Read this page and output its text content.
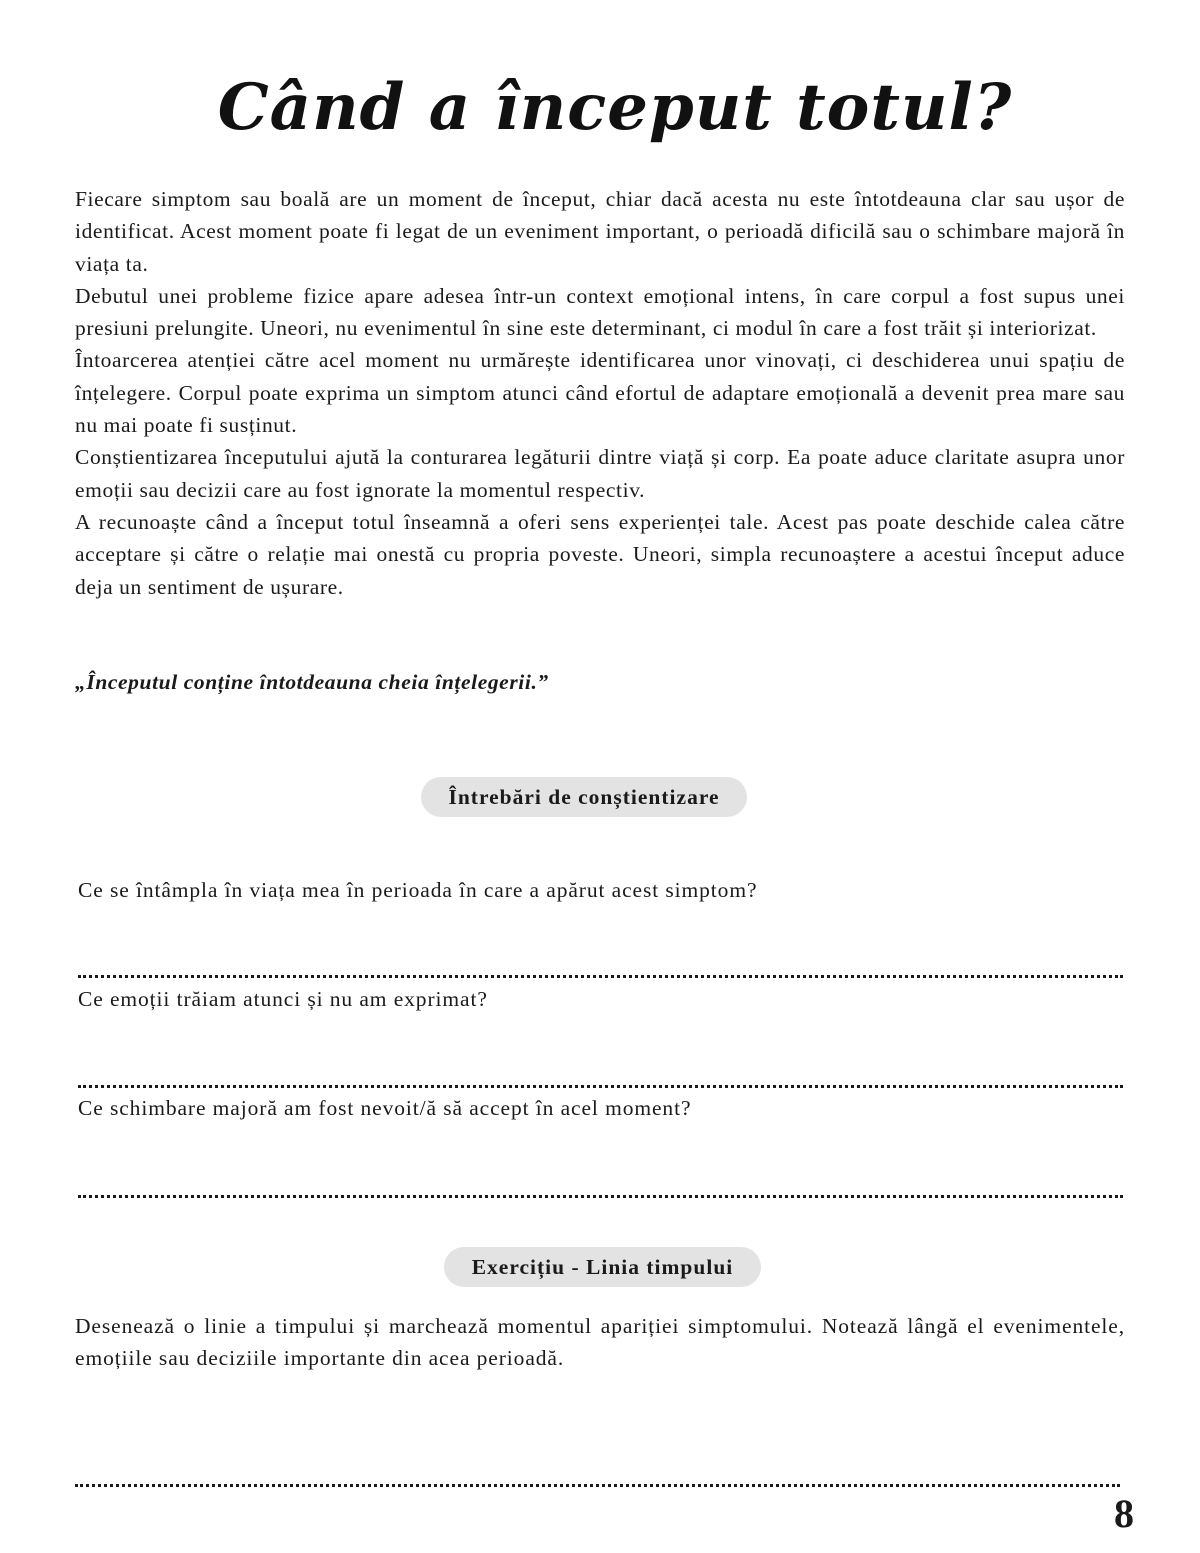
Când a început totul?

Fiecare simptom sau boală are un moment de început, chiar dacă acesta nu este întotdeauna clar sau ușor de identificat. Acest moment poate fi legat de un eveniment important, o perioadă dificilă sau o schimbare majoră în viața ta.

Debutul unei probleme fizice apare adesea într-un context emoțional intens, în care corpul a fost supus unei presiuni prelungite. Uneori, nu evenimentul în sine este determinant, ci modul în care a fost trăit și interiorizat.

Întoarcerea atenției către acel moment nu urmărește identificarea unor vinovați, ci deschiderea unui spațiu de înțelegere. Corpul poate exprima un simptom atunci când efortul de adaptare emoțională a devenit prea mare sau nu mai poate fi susținut.

Conștientizarea începutului ajută la conturarea legăturii dintre viață și corp. Ea poate aduce claritate asupra unor emoții sau decizii care au fost ignorate la momentul respectiv.

A recunoaște când a început totul înseamnă a oferi sens experienței tale. Acest pas poate deschide calea către acceptare și către o relație mai onestă cu propria poveste. Uneori, simpla recunoaștere a acestui început aduce deja un sentiment de ușurare.

„Începutul conține întotdeauna cheia înțelegerii.”

Întrebări de conștientizare

Ce se întâmpla în viața mea în perioada în care a apărut acest simptom?

Ce emoții trăiam atunci și nu am exprimat?

Ce schimbare majoră am fost nevoit/ă să accept în acel moment?

Exercițiu - Linia timpului

Desenează o linie a timpului și marchează momentul apariției simptomului. Notează lângă el evenimentele, emoțiile sau deciziile importante din acea perioadă.

8
